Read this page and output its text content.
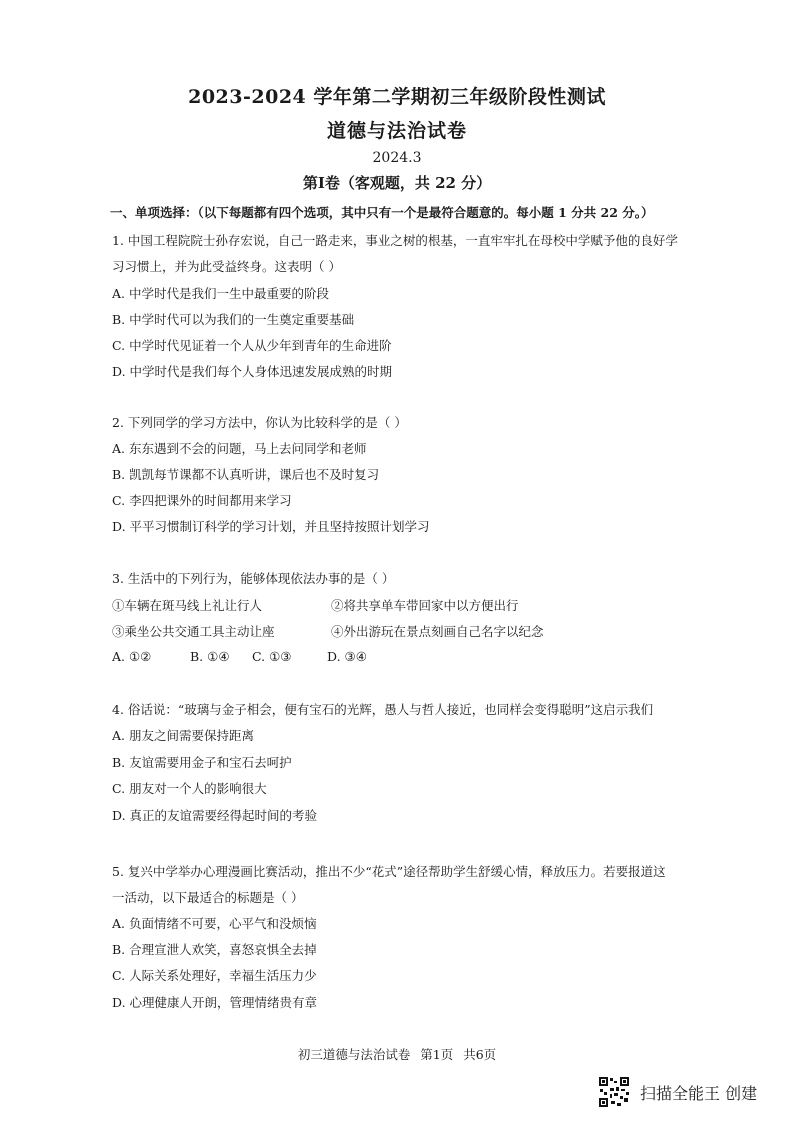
2023-2024 学年第二学期初三年级阶段性测试
道德与法治试卷
2024.3
第Ⅰ卷（客观题，共 22 分）
一、单项选择：（以下每题都有四个选项，其中只有一个是最符合题意的。每小题 1 分共 22 分。）
1. 中国工程院院士孙存宏说，自己一路走来，事业之树的根基，一直牢牢扎在母校中学赋予他的良好学
习习惯上，并为此受益终身。这表明（ ）
A. 中学时代是我们一生中最重要的阶段
B. 中学时代可以为我们的一生奠定重要基础
C. 中学时代见证着一个人从少年到青年的生命进阶
D. 中学时代是我们每个人身体迅速发展成熟的时期
2. 下列同学的学习方法中，你认为比较科学的是（ ）
A. 东东遇到不会的问题，马上去问同学和老师
B. 凯凯每节课都不认真听讲，课后也不及时复习
C. 李四把课外的时间都用来学习
D. 平平习惯制订科学的学习计划，并且坚持按照计划学习
3. 生活中的下列行为，能够体现依法办事的是（ ）
①车辆在斑马线上礼让行人	②将共享单车带回家中以方便出行
③乘坐公共交通工具主动让座	④外出游玩在景点刻画自己名字以纪念
A. ①②	B. ①④ C. ①③	D. ③④
4. 俗话说：“玻璃与金子相会，便有宝石的光辉，愚人与哲人接近，也同样会变得聪明”这启示我们
A. 朋友之间需要保持距离
B. 友谊需要用金子和宝石去呵护
C. 朋友对一个人的影响很大
D. 真正的友谊需要经得起时间的考验
5. 复兴中学举办心理漫画比赛活动，推出不少“花式”途径帮助学生舒缓心情，释放压力。若要报道这
一活动，以下最适合的标题是（ ）
A. 负面情绪不可要，心平气和没烦恼
B. 合理宣泄人欢笑，喜怒哀惧全去掉
C. 人际关系处理好，幸福生活压力少
D. 心理健康人开朗，管理情绪贵有章
初三道德与法治试卷 第1页 共6页
扫描全能王 创建
